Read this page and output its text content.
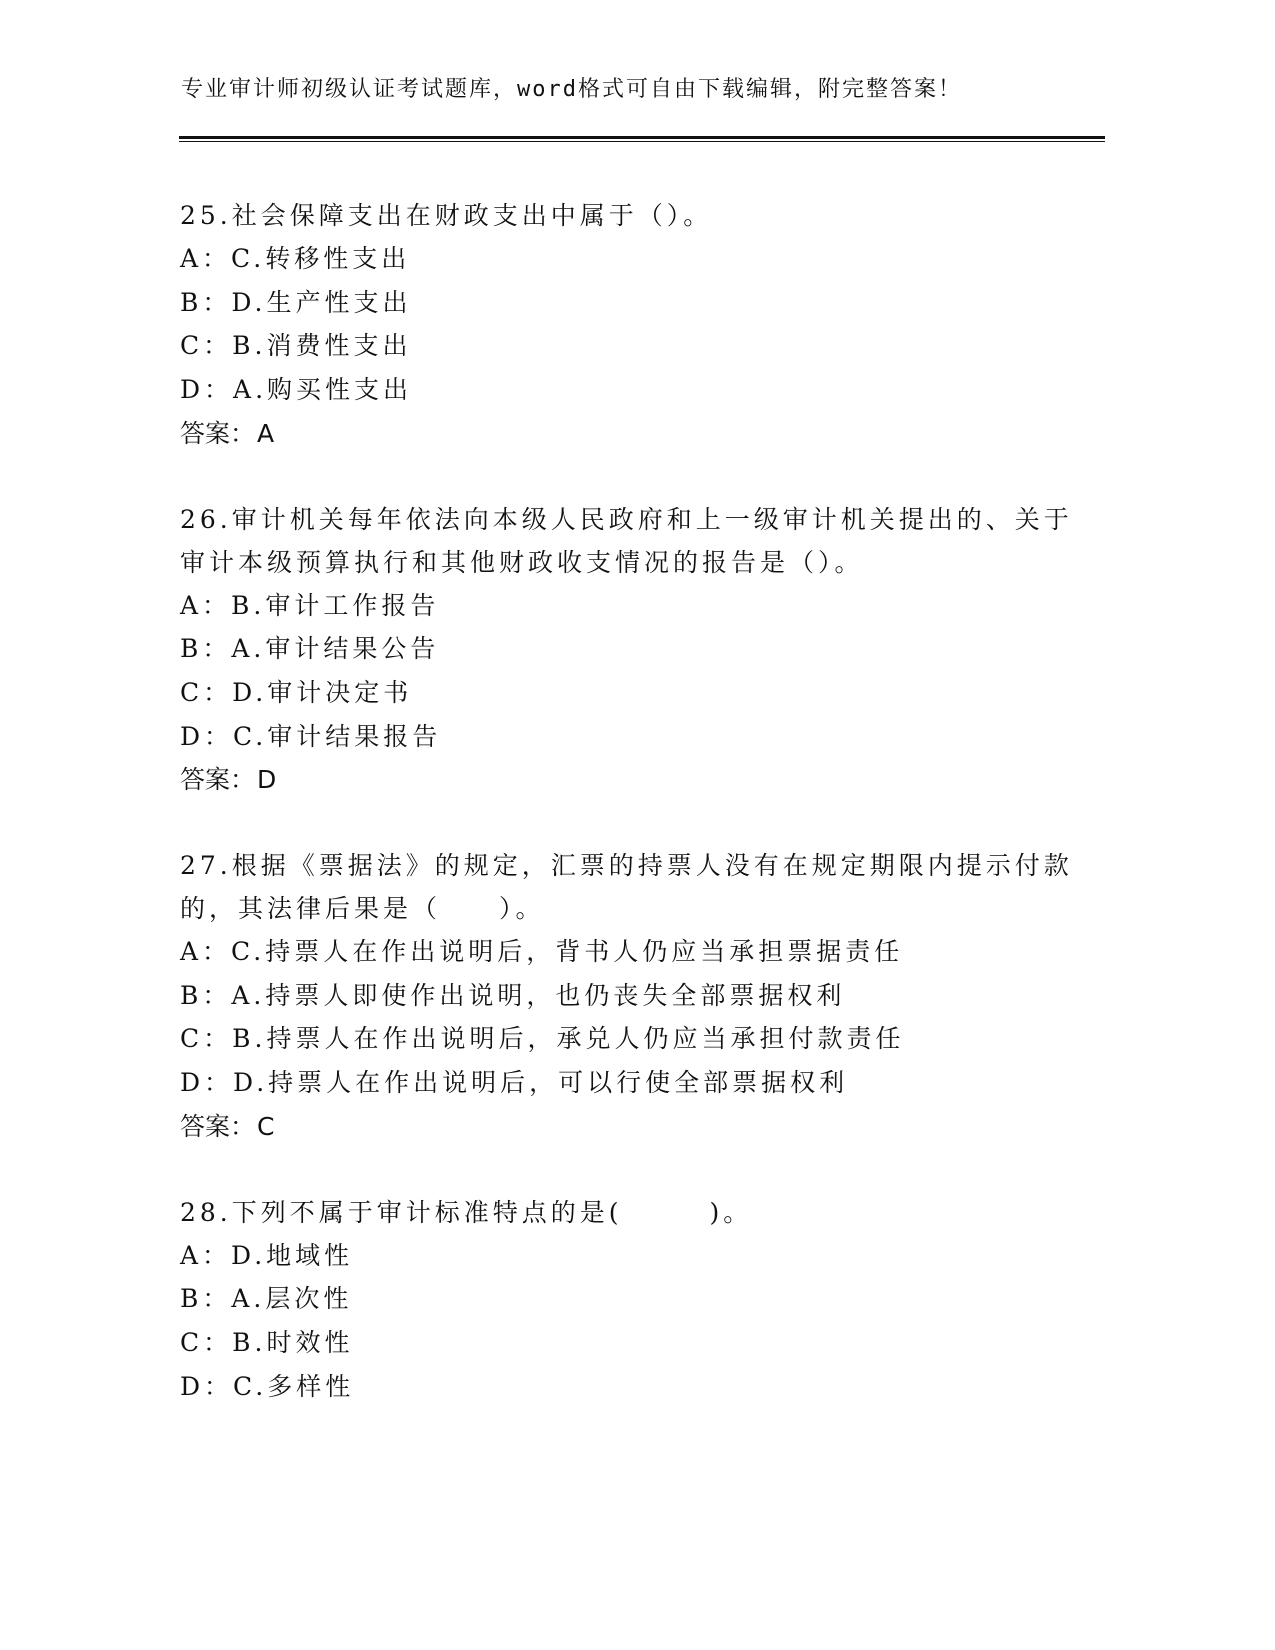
专业审计师初级认证考试题库，word格式可自由下载编辑，附完整答案！
25.社会保障支出在财政支出中属于（）。
A：C.转移性支出
B：D.生产性支出
C：B.消费性支出
D：A.购买性支出
答案：A
26.审计机关每年依法向本级人民政府和上一级审计机关提出的、关于审计本级预算执行和其他财政收支情况的报告是（）。
A：B.审计工作报告
B：A.审计结果公告
C：D.审计决定书
D：C.审计结果报告
答案：D
27.根据《票据法》的规定，汇票的持票人没有在规定期限内提示付款的，其法律后果是（　　）。
A：C.持票人在作出说明后，背书人仍应当承担票据责任
B：A.持票人即使作出说明，也仍丧失全部票据权利
C：B.持票人在作出说明后，承兑人仍应当承担付款责任
D：D.持票人在作出说明后，可以行使全部票据权利
答案：C
28.下列不属于审计标准特点的是(　　　)。
A：D.地域性
B：A.层次性
C：B.时效性
D：C.多样性
